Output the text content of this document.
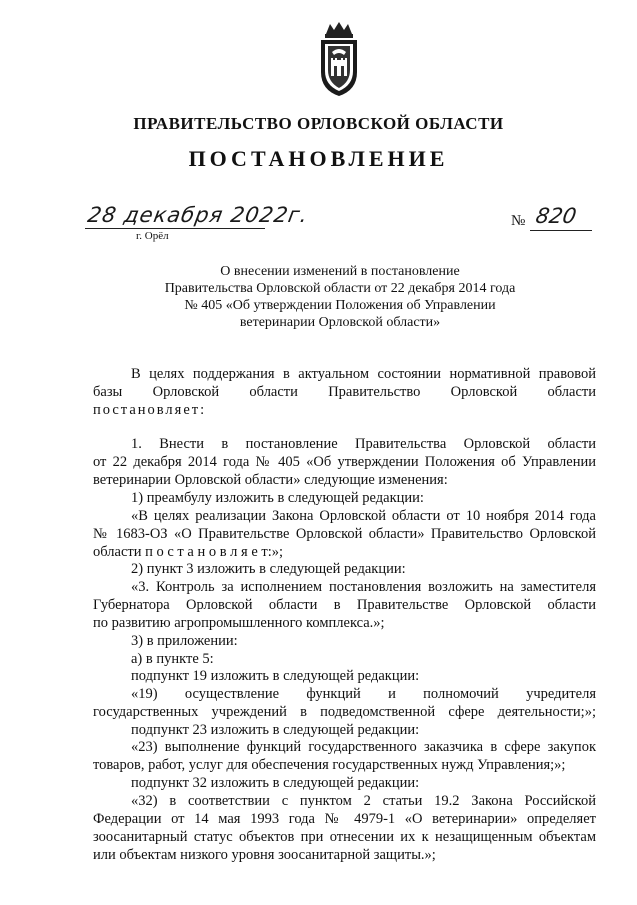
ПРАВИТЕЛЬСТВО ОРЛОВСКОЙ ОБЛАСТИ
ПОСТАНОВЛЕНИЕ
28 декабря 2022г.
г. Орёл
№ 820
О внесении изменений в постановление
Правительства Орловской области от 22 декабря 2014 года
№ 405 «Об утверждении Положения об Управлении
ветеринарии Орловской области»
В целях поддержания в актуальном состоянии нормативной правовой
базы Орловской области Правительство Орловской области
постановляет:
1. Внести в постановление Правительства Орловской области
от 22 декабря 2014 года № 405 «Об утверждении Положения об Управлении
ветеринарии Орловской области» следующие изменения:
1) преамбулу изложить в следующей редакции:
«В целях реализации Закона Орловской области от 10 ноября 2014 года
№ 1683-ОЗ «О Правительстве Орловской области» Правительство Орловской
области п о с т а н о в л я е т:»;
2) пункт 3 изложить в следующей редакции:
«3. Контроль за исполнением постановления возложить на заместителя
Губернатора Орловской области в Правительстве Орловской области
по развитию агропромышленного комплекса.»;
3) в приложении:
а) в пункте 5:
подпункт 19 изложить в следующей редакции:
«19) осуществление функций и полномочий учредителя
государственных учреждений в подведомственной сфере деятельности;»;
подпункт 23 изложить в следующей редакции:
«23) выполнение функций государственного заказчика в сфере закупок
товаров, работ, услуг для обеспечения государственных нужд Управления;»;
подпункт 32 изложить в следующей редакции:
«32) в соответствии с пунктом 2 статьи 19.2 Закона Российской
Федерации от 14 мая 1993 года № 4979-1 «О ветеринарии» определяет
зоосанитарный статус объектов при отнесении их к незащищенным объектам
или объектам низкого уровня зоосанитарной защиты.»;
